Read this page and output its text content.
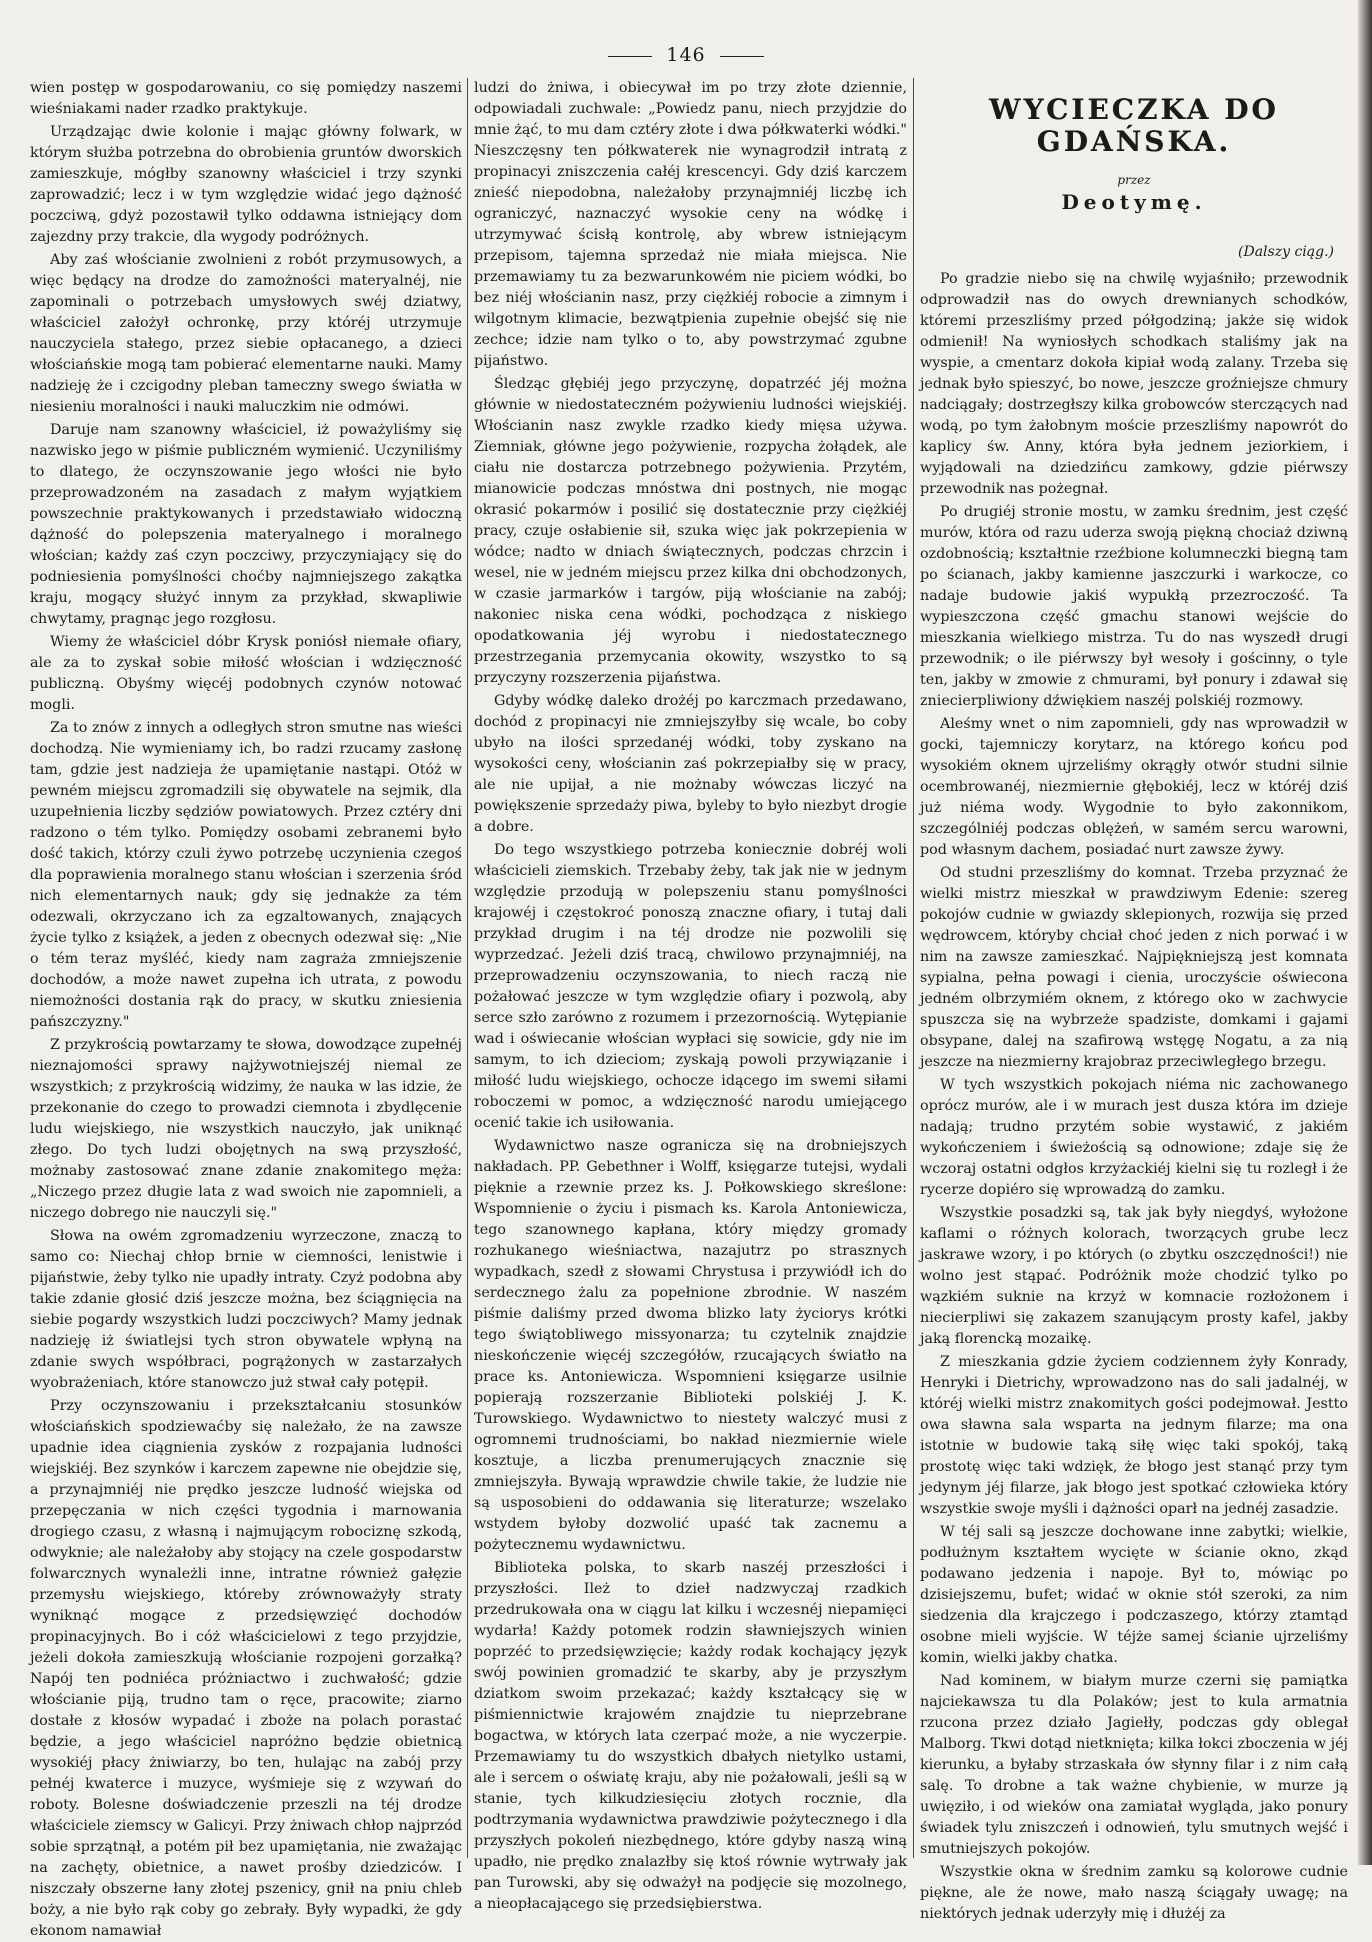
146

wien postęp w gospodarowaniu, co się pomiędzy naszemi wieśniakami nader rzadko praktykuje.

Urządzając dwie kolonie i mając główny folwark, w którym służba potrzebna do obrobienia gruntów dworskich zamieszkuje, mógłby szanowny właściciel i trzy szynki zaprowadzić; lecz i w tym względzie widać jego dążność poczciwą, gdyż pozostawił tylko oddawna istniejący dom zajezdny przy trakcie, dla wygody podróżnych.

Aby zaś włościanie zwolnieni z robót przymusowych, a więc będący na drodze do zamożności materyalnéj, nie zapominali o potrzebach umysłowych swéj dziatwy, właściciel założył ochronkę, przy któréj utrzymuje nauczyciela stałego, przez siebie opłacanego, a dzieci włościańskie mogą tam pobierać elementarne nauki. Mamy nadzieję że i czcigodny pleban tameczny swego światła w niesieniu moralności i nauki maluczkim nie odmówi.

Daruje nam szanowny właściciel, iż poważyliśmy się nazwisko jego w piśmie publiczném wymienić. Uczyniliśmy to dlatego, że oczynszowanie jego włości nie było przeprowadzoném na zasadach z małym wyjątkiem powszechnie praktykowanych i przedstawiało widoczną dążność do polepszenia materyalnego i moralnego włościan; każdy zaś czyn poczciwy, przyczyniający się do podniesienia pomyślności choćby najmniejszego zakątka kraju, mogący służyć innym za przykład, skwapliwie chwytamy, pragnąc jego rozgłosu.

Wiemy że właściciel dóbr Krysk poniósł niemałe ofiary, ale za to zyskał sobie miłość włościan i wdzięczność publiczną. Obyśmy więcéj podobnych czynów notować mogli.

Za to znów z innych a odległych stron smutne nas wieści dochodzą. Nie wymieniamy ich, bo radzi rzucamy zasłonę tam, gdzie jest nadzieja że upamiętanie nastąpi. Otóż w pewném miejscu zgromadzili się obywatele na sejmik, dla uzupełnienia liczby sędziów powiatowych. Przez cztéry dni radzono o tém tylko. Pomiędzy osobami zebranemi było dość takich, którzy czuli żywo potrzebę uczynienia czegoś dla poprawienia moralnego stanu włościan i szerzenia śród nich elementarnych nauk; gdy się jednakże za tém odezwali, okrzyczano ich za egzaltowanych, znających życie tylko z książek, a jeden z obecnych odezwał się: „Nie o tém teraz myśléć, kiedy nam zagraża zmniejszenie dochodów, a może nawet zupełna ich utrata, z powodu niemożności dostania rąk do pracy, w skutku zniesienia pańszczyzny."

Z przykrością powtarzamy te słowa, dowodzące zupełnéj nieznajomości sprawy najżywotniejszéj niemal ze wszystkich; z przykrością widzimy, że nauka w las idzie, że przekonanie do czego to prowadzi ciemnota i zbydlęcenie ludu wiejskiego, nie wszystkich nauczyło, jak uniknąć złego. Do tych ludzi obojętnych na swą przyszłość, możnaby zastosować znane zdanie znakomitego męża: „Niczego przez długie lata z wad swoich nie zapomnieli, a niczego dobrego nie nauczyli się."

Słowa na owém zgromadzeniu wyrzeczone, znaczą to samo co: Niechaj chłop brnie w ciemności, lenistwie i pijaństwie, żeby tylko nie upadły intraty. Czyż podobna aby takie zdanie głosić dziś jeszcze można, bez ściągnięcia na siebie pogardy wszystkich ludzi poczciwych? Mamy jednak nadzieję iż światlejsi tych stron obywatele wpłyną na zdanie swych współbraci, pogrążonych w zastarzałych wyobrażeniach, które stanowczo już stwał cały potępił.

Przy oczynszowaniu i przekształcaniu stosunków włościańskich spodziewaćby się należało, że na zawsze upadnie idea ciągnienia zysków z rozpajania ludności wiejskiéj. Bez szynków i karczem zapewne nie obejdzie się, a przynajmniéj nie prędko jeszcze ludność wiejska od przepęczania w nich części tygodnia i marnowania drogiego czasu, z własną i najmującym robociznę szkodą, odwyknie; ale należałoby aby stojący na czele gospodarstw folwarcznych wynależli inne, intratne również gałęzie przemysłu wiejskiego, któreby zrównoważyły straty wyniknąć mogące z przedsięwzięć dochodów propinacyjnych. Bo i cóż właścicielowi z tego przyjdzie, jeżeli dokoła zamieszkują włościanie rozpojeni gorzałką? Napój ten podniéca próżniactwo i zuchwałość; gdzie włościanie piją, trudno tam o ręce, pracowite; ziarno dostałe z kłosów wypadać i zboże na polach porastać będzie, a jego właściciel napróżno będzie obietnicą wysokiéj płacy żniwiarzy, bo ten, hulając na zabój przy pełnéj kwaterce i muzyce, wyśmieje się z wzywań do roboty. Bolesne doświadczenie przeszli na téj drodze właściciele ziemscy w Galicyi. Przy żniwach chłop najprzód sobie sprzątnął, a potém pił bez upamiętania, nie zważając na zachęty, obietnice, a nawet prośby dziedziców. I niszczały obszerne łany złotej pszenicy, gnił na pniu chleb boży, a nie było rąk coby go zebrały. Były wypadki, że gdy ekonom namawiał

ludzi do żniwa, i obiecywał im po trzy złote dziennie, odpowiadali zuchwale: „Powiedz panu, niech przyjdzie do mnie żąć, to mu dam cztéry złote i dwa półkwaterki wódki." Nieszczęsny ten półkwaterek nie wynagrodził intratą z propinacyi zniszczenia całéj krescencyi. Gdy dziś karczem znieść niepodobna, należałoby przynajmniéj liczbę ich ograniczyć, naznaczyć wysokie ceny na wódkę i utrzymywać ścisłą kontrolę, aby wbrew istniejącym przepisom, tajemna sprzedaż nie miała miejsca. Nie przemawiamy tu za bezwarunkowém nie piciem wódki, bo bez niéj włościanin nasz, przy ciężkiéj robocie a zimnym i wilgotnym klimacie, bezwątpienia zupełnie obejść się nie zechce; idzie nam tylko o to, aby powstrzymać zgubne pijaństwo.

Śledząc głębiéj jego przyczynę, dopatrzéć jéj można głównie w niedostateczném pożywieniu ludności wiejskiéj. Włościanin nasz zwykle rzadko kiedy mięsa używa. Ziemniak, główne jego pożywienie, rozpycha żołądek, ale ciału nie dostarcza potrzebnego pożywienia. Przytém, mianowicie podczas mnóstwa dni postnych, nie mogąc okrasić pokarmów i posilić się dostatecznie przy ciężkiéj pracy, czuje osłabienie sił, szuka więc jak pokrzepienia w wódce; nadto w dniach świątecznych, podczas chrzcin i wesel, nie w jedném miejscu przez kilka dni obchodzonych, w czasie jarmarków i targów, piją włościanie na zabój; nakoniec niska cena wódki, pochodząca z niskiego opodatkowania jéj wyrobu i niedostatecznego przestrzegania przemycania okowity, wszystko to są przyczyny rozszerzenia pijaństwa.

Gdyby wódkę daleko drożéj po karczmach przedawano, dochód z propinacyi nie zmniejszyłby się wcale, bo coby ubyło na ilości sprzedanéj wódki, toby zyskano na wysokości ceny, włościanin zaś pokrzepiałby się w pracy, ale nie upijał, a nie możnaby wówczas liczyć na powiększenie sprzedaży piwa, byleby to było niezbyt drogie a dobre.

Do tego wszystkiego potrzeba koniecznie dobréj woli właścicieli ziemskich. Trzebaby żeby, tak jak nie w jednym względzie przodują w polepszeniu stanu pomyślności krajowéj i częstokroć ponoszą znaczne ofiary, i tutaj dali przykład drugim i na téj drodze nie pozwolili się wyprzedzać. Jeżeli dziś tracą, chwilowo przynajmniéj, na przeprowadzeniu oczynszowania, to niech raczą nie pożałować jeszcze w tym względzie ofiary i pozwolą, aby serce szło zarówno z rozumem i przezornością. Wytępianie wad i oświecanie włościan wypłaci się sowicie, gdy nie im samym, to ich dzieciom; zyskają powoli przywiązanie i miłość ludu wiejskiego, ochocze idącego im swemi siłami roboczemi w pomoc, a wdzięczność narodu umiejącego ocenić takie ich usiłowania.

Wydawnictwo nasze ogranicza się na drobniejszych nakładach. PP. Gebethner i Wolff, księgarze tutejsi, wydali pięknie a rzewnie przez ks. J. Połkowskiego skreślone: Wspomnienie o życiu i pismach ks. Karola Antoniewicza, tego szanownego kapłana, który między gromady rozhukanego wieśniactwa, nazajutrz po strasznych wypadkach, szedł z słowami Chrystusa i przywiódł ich do serdecznego żalu za popełnione zbrodnie. W naszém piśmie daliśmy przed dwoma blizko laty życiorys krótki tego świątobliwego missyonarza; tu czytelnik znajdzie nieskończenie więcéj szczegółów, rzucających światło na prace ks. Antoniewicza. Wspomnieni księgarze usilnie popierają rozszerzanie Biblioteki polskiéj J. K. Turowskiego. Wydawnictwo to niestety walczyć musi z ogromnemi trudnościami, bo nakład niezmiernie wiele kosztuje, a liczba prenumerujących znacznie się zmniejszyła. Bywają wprawdzie chwile takie, że ludzie nie są usposobieni do oddawania się literaturze; wszelako wstydem byłoby dozwolić upaść tak zacnemu a pożytecznemu wydawnictwu.

Biblioteka polska, to skarb naszéj przeszłości i przyszłości. Ileż to dzieł nadzwyczaj rzadkich przedrukowała ona w ciągu lat kilku i wczesnéj niepamięci wydarła! Każdy potomek rodzin sławniejszych winien poprzéć to przedsięwzięcie; każdy rodak kochający język swój powinien gromadzić te skarby, aby je przyszłym dziatkom swoim przekazać; każdy kształcący się w piśmiennictwie krajowém znajdzie tu nieprzebrane bogactwa, w których lata czerpać może, a nie wyczerpie. Przemawiamy tu do wszystkich dbałych nietylko ustami, ale i sercem o oświatę kraju, aby nie pożałowali, jeśli są w stanie, tych kilkudziesięciu złotych rocznie, dla podtrzymania wydawnictwa prawdziwie pożytecznego i dla przyszłych pokoleń niezbędnego, które gdyby naszą winą upadło, nie prędko znalazłby się ktoś równie wytrwały jak pan Turowski, aby się odważył na podjęcie się mozolnego, a nieopłacającego się przedsiębierstwa.

WYCIECZKA DO GDAŃSKA.
przez
Deotymę.
(Dalszy ciąg.)

Po gradzie niebo się na chwilę wyjaśniło; przewodnik odprowadził nas do owych drewnianych schodków, któremi przeszliśmy przed półgodziną; jakże się widok odmienił! Na wyniosłych schodkach staliśmy jak na wyspie, a cmentarz dokoła kipiał wodą zalany. Trzeba się jednak było spieszyć, bo nowe, jeszcze groźniejsze chmury nadciągały; dostrzegłszy kilka grobowców sterczących nad wodą, po tym żałobnym moście przeszliśmy napowrót do kaplicy św. Anny, która była jednem jeziorkiem, i wyjądowali na dziedzińcu zamkowy, gdzie piérwszy przewodnik nas pożegnał.

Po drugiéj stronie mostu, w zamku średnim, jest część murów, która od razu uderza swoją piękną chociaż dziwną ozdobnością; kształtnie rzeźbione kolumneczki biegną tam po ścianach, jakby kamienne jaszczurki i warkocze, co nadaje budowie jakiś wypukłą przezroczość. Ta wypieszczona część gmachu stanowi wejście do mieszkania wielkiego mistrza. Tu do nas wyszedł drugi przewodnik; o ile piérwszy był wesoły i gościnny, o tyle ten, jakby w zmowie z chmurami, był ponury i zdawał się zniecierpliwiony dźwiękiem naszéj polskiéj rozmowy.

Aleśmy wnet o nim zapomnieli, gdy nas wprowadził w gocki, tajemniczy korytarz, na którego końcu pod wysokiém oknem ujrzeliśmy okrągły otwór studni silnie ocembrowanéj, niezmiernie głębokiéj, lecz w któréj dziś już niéma wody. Wygodnie to było zakonnikom, szczególniéj podczas oblężeń, w samém sercu warowni, pod własnym dachem, posiadać nurt zawsze żywy.

Od studni przeszliśmy do komnat. Trzeba przyznać że wielki mistrz mieszkał w prawdziwym Edenie: szereg pokojów cudnie w gwiazdy sklepionych, rozwija się przed wędrowcem, któryby chciał choć jeden z nich porwać i w nim na zawsze zamieszkać. Najpiękniejszą jest komnata sypialna, pełna powagi i cienia, uroczyście oświecona jedném olbrzymiém oknem, z którego oko w zachwycie spuszcza się na wybrzeże spadziste, domkami i gajami obsypane, dalej na szafirową wstęgę Nogatu, a za nią jeszcze na niezmierny krajobraz przeciwległego brzegu.

W tych wszystkich pokojach niéma nic zachowanego oprócz murów, ale i w murach jest dusza która im dzieje nadają; trudno przytém sobie wystawić, z jakiém wykończeniem i świeżością są odnowione; zdaje się że wczoraj ostatni odgłos krzyżackiéj kielni się tu rozległ i że rycerze dopiéro się wprowadzą do zamku.

Wszystkie posadzki są, tak jak były niegdyś, wyłożone kaflami o różnych kolorach, tworzących grube lecz jaskrawe wzory, i po których (o zbytku oszczędności!) nie wolno jest stąpać. Podróżnik może chodzić tylko po wązkiém suknie na krzyż w komnacie rozłożonem i niecierpliwi się zakazem szanującym prosty kafel, jakby jaką florencką mozaikę.

Z mieszkania gdzie życiem codziennem żyły Konrady, Henryki i Dietrichy, wprowadzono nas do sali jadalnéj, w któréj wielki mistrz znakomitych gości podejmował. Jestto owa sławna sala wsparta na jednym filarze; ma ona istotnie w budowie taką siłę więc taki spokój, taką prostotę więc taki wdzięk, że błogo jest stanąć przy tym jedynym jéj filarze, jak błogo jest spotkać człowieka który wszystkie swoje myśli i dążności oparł na jednéj zasadzie.

W téj sali są jeszcze dochowane inne zabytki; wielkie, podłużnym kształtem wycięte w ścianie okno, zkąd podawano jedzenia i napoje. Był to, mówiąc po dzisiejszemu, bufet; widać w oknie stół szeroki, za nim siedzenia dla krajczego i podczaszego, którzy ztamtąd osobne mieli wyjście. W téjże samej ścianie ujrzeliśmy komin, wielki jakby chatka.

Nad kominem, w białym murze czerni się pamiątka najciekawsza tu dla Polaków; jest to kula armatnia rzucona przez działo Jagiełły, podczas gdy oblegał Malborg. Tkwi dotąd nietknięta; kilka łokci zboczenia w jéj kierunku, a byłaby strzaskała ów słynny filar i z nim całą salę. To drobne a tak ważne chybienie, w murze ją uwięziło, i od wieków ona zamiatał wygląda, jako ponury świadek tylu zniszczeń i odnowień, tylu smutnych wejść i smutniejszych pokojów.

Wszystkie okna w średnim zamku są kolorowe cudnie piękne, ale że nowe, mało naszą ściągały uwagę; na niektórych jednak uderzyły mię i dłużéj za
